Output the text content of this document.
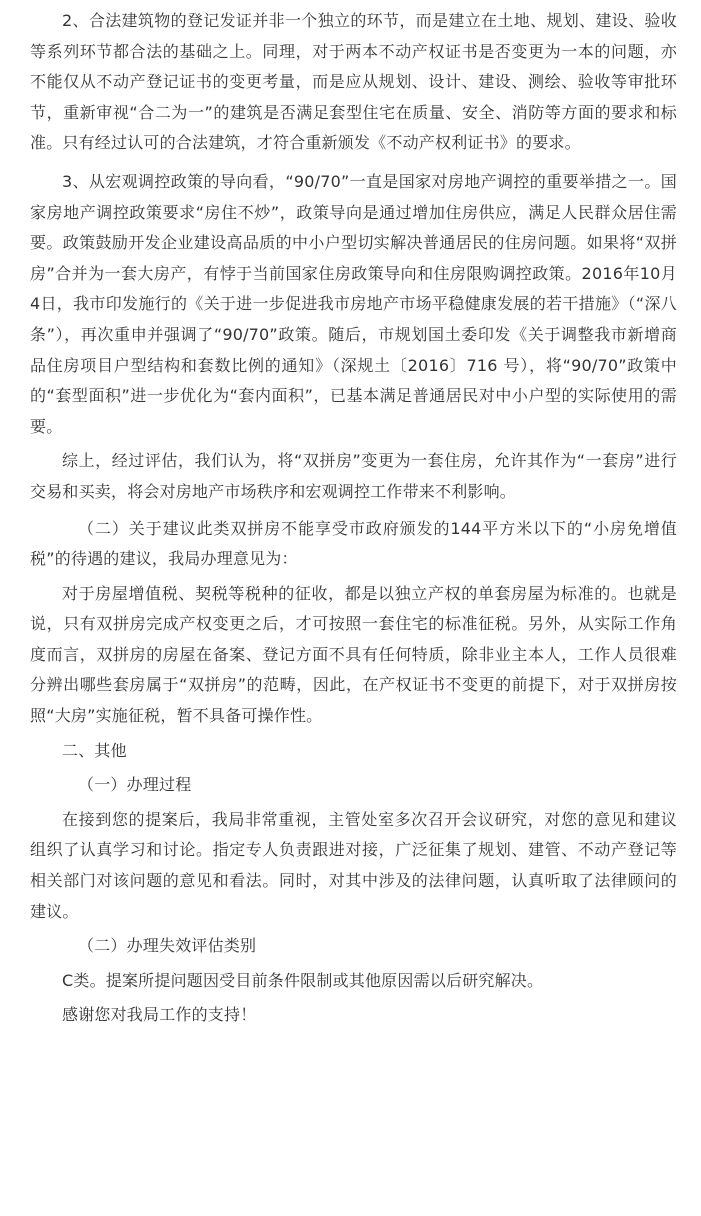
2、合法建筑物的登记发证并非一个独立的环节，而是建立在土地、规划、建设、验收等系列环节都合法的基础之上。同理，对于两本不动产权证书是否变更为一本的问题，亦不能仅从不动产登记证书的变更考量，而是应从规划、设计、建设、测绘、验收等审批环节，重新审视“合二为一”的建筑是否满足套型住宅在质量、安全、消防等方面的要求和标准。只有经过认可的合法建筑，才符合重新颁发《不动产权利证书》的要求。

3、从宏观调控政策的导向看，“90/70”一直是国家对房地产调控的重要举措之一。国家房地产调控政策要求“房住不炒”，政策导向是通过增加住房供应，满足人民群众居住需要。政策鼓励开发企业建设高品质的中小户型切实解决普通居民的住房问题。如果将“双拼房”合并为一套大房产，有悖于当前国家住房政策导向和住房限购调控政策。2016年10月4日，我市印发施行的《关于进一步促进我市房地产市场平稳健康发展的若干措施》（“深八条”），再次重申并强调了“90/70”政策。随后，市规划国土委印发《关于调整我市新增商品住房项目户型结构和套数比例的通知》（深规土〔2016〕716 号），将“90/70”政策中的“套型面积”进一步优化为“套内面积”，已基本满足普通居民对中小户型的实际使用的需要。

综上，经过评估，我们认为，将“双拼房”变更为一套住房，允许其作为“一套房”进行交易和买卖，将会对房地产市场秩序和宏观调控工作带来不利影响。

（二）关于建议此类双拼房不能享受市政府颁发的144平方米以下的“小房免增值税”的待遇的建议，我局办理意见为：

对于房屋增值税、契税等税种的征收，都是以独立产权的单套房屋为标准的。也就是说，只有双拼房完成产权变更之后，才可按照一套住宅的标准征税。另外，从实际工作角度而言，双拼房的房屋在备案、登记方面不具有任何特质，除非业主本人，工作人员很难分辨出哪些套房属于“双拼房”的范畴，因此，在产权证书不变更的前提下，对于双拼房按照“大房”实施征税，暂不具备可操作性。

二、其他

（一）办理过程

在接到您的提案后，我局非常重视，主管处室多次召开会议研究，对您的意见和建议组织了认真学习和讨论。指定专人负责跟进对接，广泛征集了规划、建管、不动产登记等相关部门对该问题的意见和看法。同时，对其中涉及的法律问题，认真听取了法律顾问的建议。

（二）办理失效评估类别

C类。提案所提问题因受目前条件限制或其他原因需以后研究解决。

感谢您对我局工作的支持！
